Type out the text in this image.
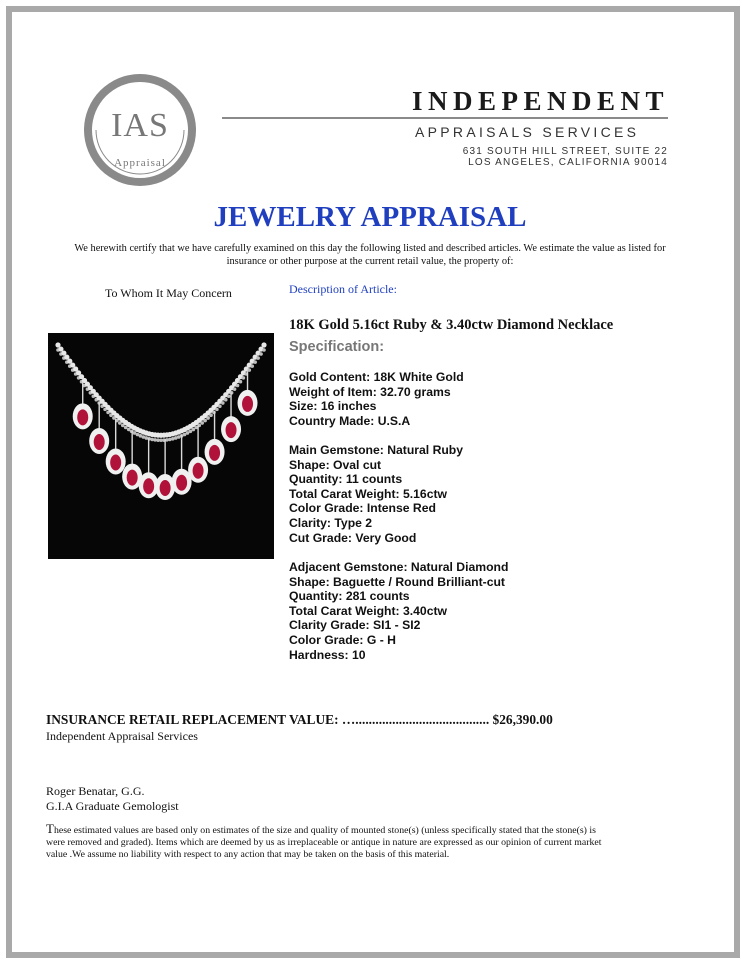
IAS
Appraisal
INDEPENDENT
APPRAISALS SERVICES
631 SOUTH HILL STREET, SUITE 22
LOS ANGELES, CALIFORNIA 90014
JEWELRY APPRAISAL
We herewith certify that we have carefully examined on this day the following listed and described articles. We estimate the value as listed for insurance or other purpose at the current retail value, the property of:
To Whom It May Concern	Description of Article:
18K Gold 5.16ct Ruby & 3.40ctw Diamond Necklace
Specification:
Gold Content: 18K White Gold
Weight of Item: 32.70 grams
Size: 16 inches
Country Made: U.S.A
Main Gemstone: Natural Ruby
Shape: Oval cut
Quantity: 11 counts
Total Carat Weight: 5.16ctw
Color Grade: Intense Red
Clarity: Type 2
Cut Grade: Very Good
Adjacent Gemstone: Natural Diamond
Shape: Baguette / Round Brilliant-cut
Quantity: 281 counts
Total Carat Weight: 3.40ctw
Clarity Grade: SI1 - SI2
Color Grade: G - H
Hardness: 10
INSURANCE RETAIL REPLACEMENT VALUE: …........................................ $26,390.00
Independent Appraisal Services
Roger Benatar, G.G.
G.I.A Graduate Gemologist
These estimated values are based only on estimates of the size and quality of mounted stone(s) (unless specifically stated that the stone(s) is were removed and graded). Items which are deemed by us as irreplaceable or antique in nature are expressed as our opinion of current market value .We assume no liability with respect to any action that may be taken on the basis of this material.
